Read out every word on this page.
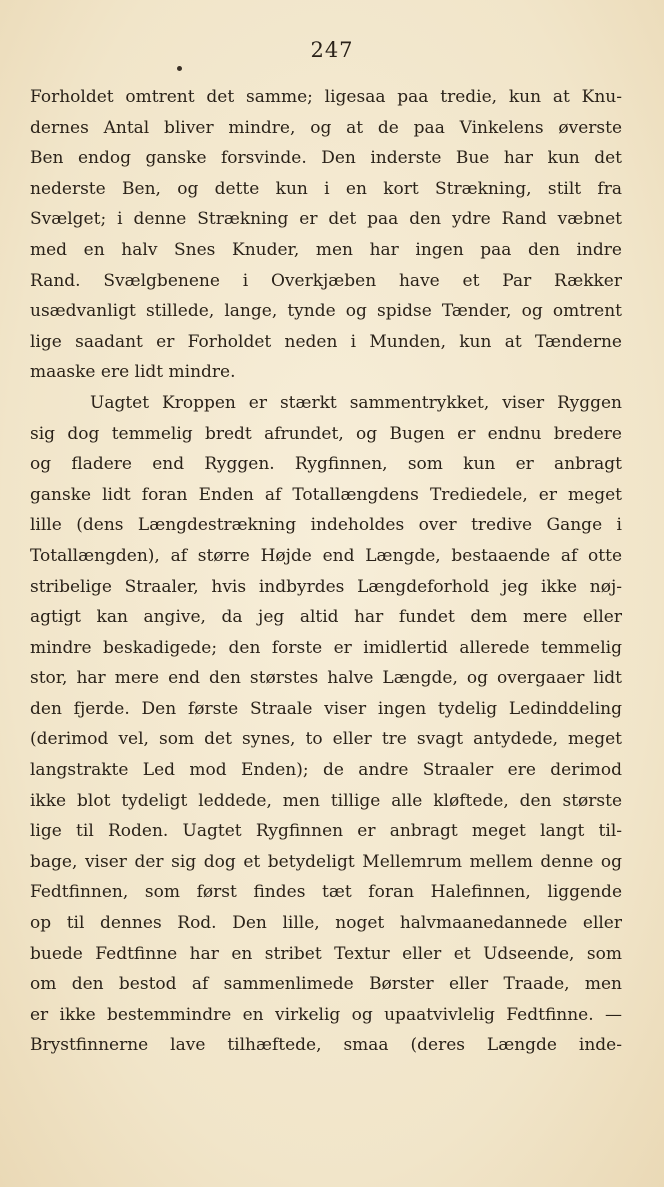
247
Forholdet omtrent det samme; ligesaa paa tredie, kun at Knu-
dernes Antal bliver mindre, og at de paa Vinkelens øverste
Ben endog ganske forsvinde. Den inderste Bue har kun det
nederste Ben, og dette kun i en kort Strækning, stilt fra
Svælget; i denne Strækning er det paa den ydre Rand væbnet
med en halv Snes Knuder, men har ingen paa den indre
Rand. Svælgbenene i Overkjæben have et Par Rækker
usædvanligt stillede, lange, tynde og spidse Tænder, og omtrent
lige saadant er Forholdet neden i Munden, kun at Tænderne
maaske ere lidt mindre.
Uagtet Kroppen er stærkt sammentrykket, viser Ryggen
sig dog temmelig bredt afrundet, og Bugen er endnu bredere
og fladere end Ryggen. Rygfinnen, som kun er anbragt
ganske lidt foran Enden af Totallængdens Trediedele, er meget
lille (dens Længdestrækning indeholdes over tredive Gange i
Totallængden), af større Højde end Længde, bestaaende af otte
stribelige Straaler, hvis indbyrdes Længdeforhold jeg ikke nøj-
agtigt kan angive, da jeg altid har fundet dem mere eller
mindre beskadigede; den forste er imidlertid allerede temmelig
stor, har mere end den størstes halve Længde, og overgaaer lidt
den fjerde. Den første Straale viser ingen tydelig Ledinddeling
(derimod vel, som det synes, to eller tre svagt antydede, meget
langstrakte Led mod Enden); de andre Straaler ere derimod
ikke blot tydeligt leddede, men tillige alle kløftede, den største
lige til Roden. Uagtet Rygfinnen er anbragt meget langt til-
bage, viser der sig dog et betydeligt Mellemrum mellem denne og
Fedtfinnen, som først findes tæt foran Halefinnen, liggende
op til dennes Rod. Den lille, noget halvmaanedannede eller
buede Fedtfinne har en stribet Textur eller et Udseende, som
om den bestod af sammenlimede Børster eller Traade, men
er ikke bestemmindre en virkelig og upaatvivlelig Fedtfinne. —
Brystfinnerne lave tilhæftede, smaa (deres Længde inde-
